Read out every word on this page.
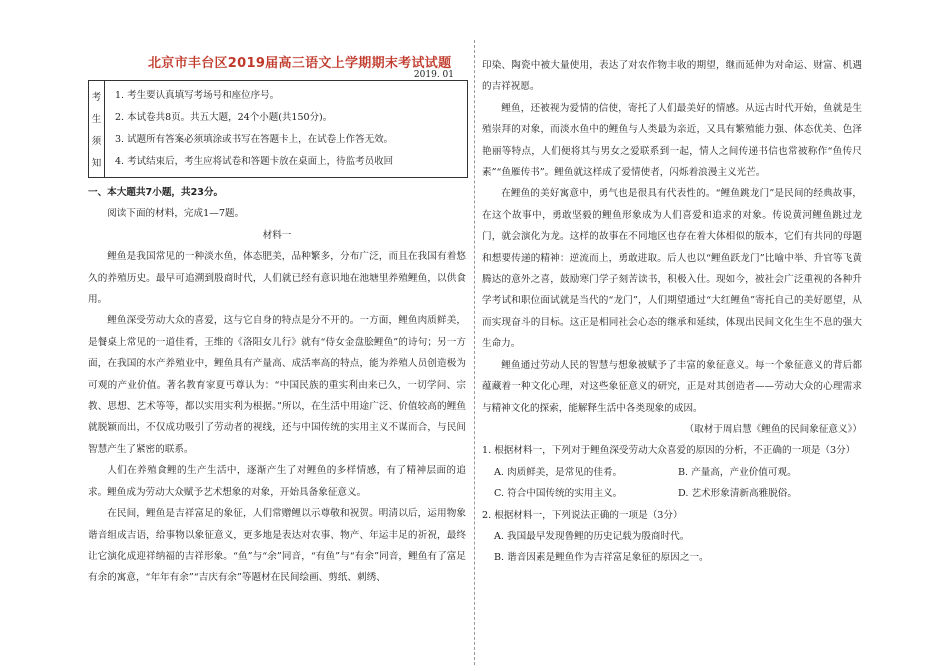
北京市丰台区2019届高三语文上学期期末考试试题
2019. 01
考
生
须
知
1. 考生要认真填写考场号和座位序号。
2. 本试卷共8页。共五大题，24个小题(共150分)。
3. 试题所有答案必须填涂或书写在答题卡上，在试卷上作答无效。
4. 考试结束后，考生应将试卷和答题卡放在桌面上，待监考员收回

一、本大题共7小题，共23分。

阅读下面的材料，完成1—7题。

材料一

鲤鱼是我国常见的一种淡水鱼，体态肥美，品种繁多，分布广泛，而且在我国有着悠久的养殖历史。最早可追溯到殷商时代，人们就已经有意识地在池塘里养殖鲤鱼，以供食用。

鲤鱼深受劳动大众的喜爱，这与它自身的特点是分不开的。一方面，鲤鱼肉质鲜美，是餐桌上常见的一道佳肴，王维的《洛阳女儿行》就有“侍女金盘脍鲤鱼”的诗句；另一方面，在我国的水产养殖业中，鲤鱼具有产量高、成活率高的特点，能为养殖人员创造极为可观的产业价值。著名教育家夏丐尊认为：“中国民族的重实利由来已久，一切学问、宗教、思想、艺术等等，都以实用实利为根据。”所以，在生活中用途广泛、价值较高的鲤鱼就脱颖而出，不仅成功吸引了劳动者的视线，还与中国传统的实用主义不谋而合，与民间智慧产生了紧密的联系。

人们在养殖食鲤的生产生活中，逐渐产生了对鲤鱼的多样情感，有了精神层面的追求。鲤鱼成为劳动大众赋予艺术想象的对象，开始具备象征意义。

在民间，鲤鱼是吉祥富足的象征，人们常赠鲤以示尊敬和祝贺。明清以后，运用物象谐音组成吉语，给事物以象征意义，更多地是表达对农事、物产、年运丰足的祈祝，最终让它演化成迎祥纳福的吉祥形象。“鱼”与“余”同音，“有鱼”与“有余”同音，鲤鱼有了富足有余的寓意，“年年有余”“吉庆有余”等题材在民间绘画、剪纸、刺绣、

印染、陶瓷中被大量使用，表达了对农作物丰收的期望，继而延伸为对命运、财富、机遇的吉祥祝愿。

鲤鱼，还被视为爱情的信使，寄托了人们最美好的情感。从远古时代开始，鱼就是生殖崇拜的对象，而淡水鱼中的鲤鱼与人类最为亲近，又具有繁殖能力强、体态优美、色泽艳丽等特点，人们便将其与男女之爱联系到一起，情人之间传递书信也常被称作“鱼传尺素”“鱼雁传书”。鲤鱼就这样成了爱情使者，闪烁着浪漫主义光芒。

在鲤鱼的美好寓意中，勇气也是很具有代表性的。“鲤鱼跳龙门”是民间的经典故事，在这个故事中，勇敢坚毅的鲤鱼形象成为人们喜爱和追求的对象。传说黄河鲤鱼跳过龙门，就会演化为龙。这样的故事在不同地区也存在着大体相似的版本，它们有共同的母题和想要传递的精神：逆流而上，勇敢进取。后人也以“鲤鱼跃龙门”比喻中举、升官等飞黄腾达的意外之喜，鼓励寒门学子刻苦读书，积极入仕。现如今，被社会广泛重视的各种升学考试和职位面试就是当代的“龙门”，人们期望通过“大红鲤鱼”寄托自己的美好愿望，从而实现奋斗的目标。这正是相同社会心态的继承和延续，体现出民间文化生生不息的强大生命力。

鲤鱼通过劳动人民的智慧与想象被赋予了丰富的象征意义。每一个象征意义的背后都蕴藏着一种文化心理，对这些象征意义的研究，正是对其创造者——劳动大众的心理需求与精神文化的探索，能解释生活中各类现象的成因。

（取材于周启慧《鲤鱼的民间象征意义》）

1. 根据材料一，下列对于鲤鱼深受劳动大众喜爱的原因的分析，不正确的一项是（3分）

A. 肉质鲜美，是常见的佳肴。	B. 产量高，产业价值可观。
C. 符合中国传统的实用主义。	D. 艺术形象清新高雅脱俗。

2. 根据材料一，下列说法正确的一项是（3分）

A. 我国最早发现鲁鲤的历史记载为殷商时代。
B. 谐音因素是鲤鱼作为吉祥富足象征的原因之一。
